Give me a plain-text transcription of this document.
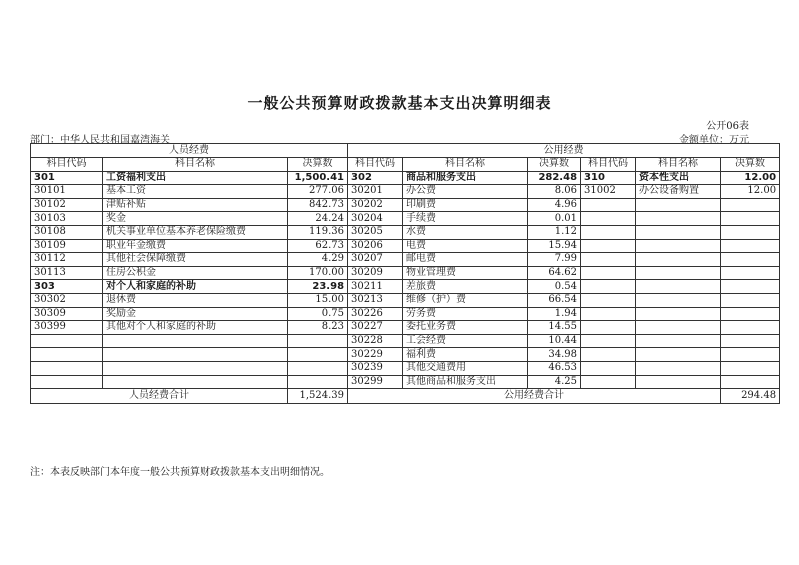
一般公共预算财政拨款基本支出决算明细表
公开06表
部门：中华人民共和国嘉湾海关	金额单位：万元
人员经费			公用经费					
科目代码	科目名称	决算数	科目代码	科目名称	决算数	科目代码	科目名称	决算数
301	工资福利支出	1,500.41	302	商品和服务支出	282.48	310	资本性支出	12.00
30101	基本工资	277.06	30201	办公费	8.06	31002	办公设备购置	12.00
30102	津贴补贴	842.73	30202	印刷费	4.96			
30103	奖金	24.24	30204	手续费	0.01			
30108	机关事业单位基本养老保险缴费	119.36	30205	水费	1.12			
30109	职业年金缴费	62.73	30206	电费	15.94			
30112	其他社会保障缴费	4.29	30207	邮电费	7.99			
30113	住房公积金	170.00	30209	物业管理费	64.62			
303	对个人和家庭的补助	23.98	30211	差旅费	0.54			
30302	退休费	15.00	30213	维修（护）费	66.54			
30309	奖励金	0.75	30226	劳务费	1.94			
30399	其他对个人和家庭的补助	8.23	30227	委托业务费	14.55			
			30228	工会经费	10.44			
			30229	福利费	34.98			
			30239	其他交通费用	46.53			
			30299	其他商品和服务支出	4.25			
人员经费合计		1,524.39	公用经费合计					294.48
注：本表反映部门本年度一般公共预算财政拨款基本支出明细情况。
